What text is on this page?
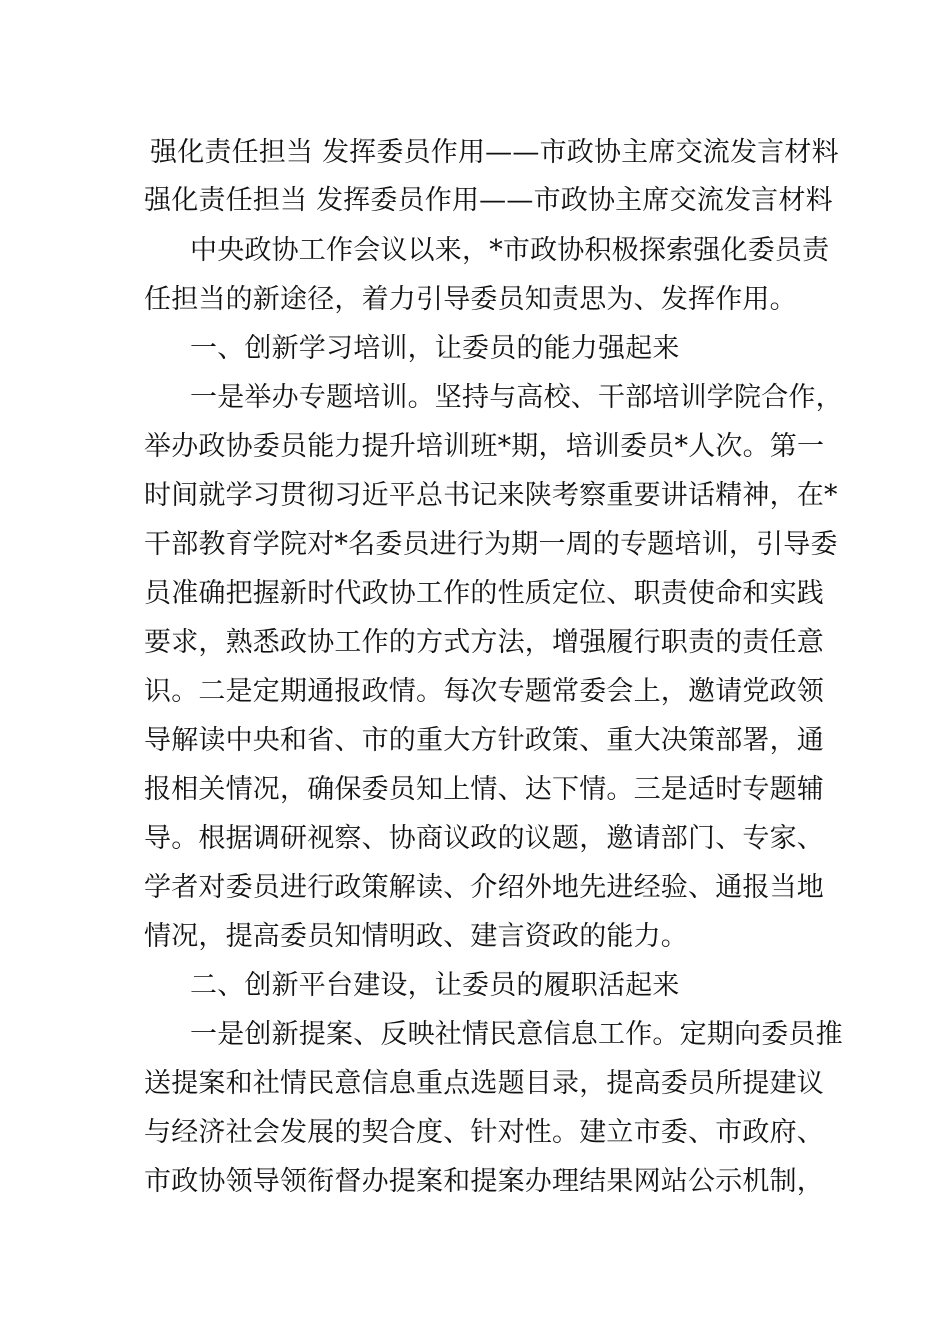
强化责任担当 发挥委员作用——市政协主席交流发言材料
强化责任担当 发挥委员作用——市政协主席交流发言材料
中央政协工作会议以来，*市政协积极探索强化委员责
任担当的新途径，着力引导委员知责思为、发挥作用。
一、创新学习培训，让委员的能力强起来
一是举办专题培训。坚持与高校、干部培训学院合作，
举办政协委员能力提升培训班*期，培训委员*人次。第一
时间就学习贯彻习近平总书记来陕考察重要讲话精神，在*
干部教育学院对*名委员进行为期一周的专题培训，引导委
员准确把握新时代政协工作的性质定位、职责使命和实践
要求，熟悉政协工作的方式方法，增强履行职责的责任意
识。二是定期通报政情。每次专题常委会上，邀请党政领
导解读中央和省、市的重大方针政策、重大决策部署，通
报相关情况，确保委员知上情、达下情。三是适时专题辅
导。根据调研视察、协商议政的议题，邀请部门、专家、
学者对委员进行政策解读、介绍外地先进经验、通报当地
情况，提高委员知情明政、建言资政的能力。
二、创新平台建设，让委员的履职活起来
一是创新提案、反映社情民意信息工作。定期向委员推
送提案和社情民意信息重点选题目录，提高委员所提建议
与经济社会发展的契合度、针对性。建立市委、市政府、
市政协领导领衔督办提案和提案办理结果网站公示机制，
